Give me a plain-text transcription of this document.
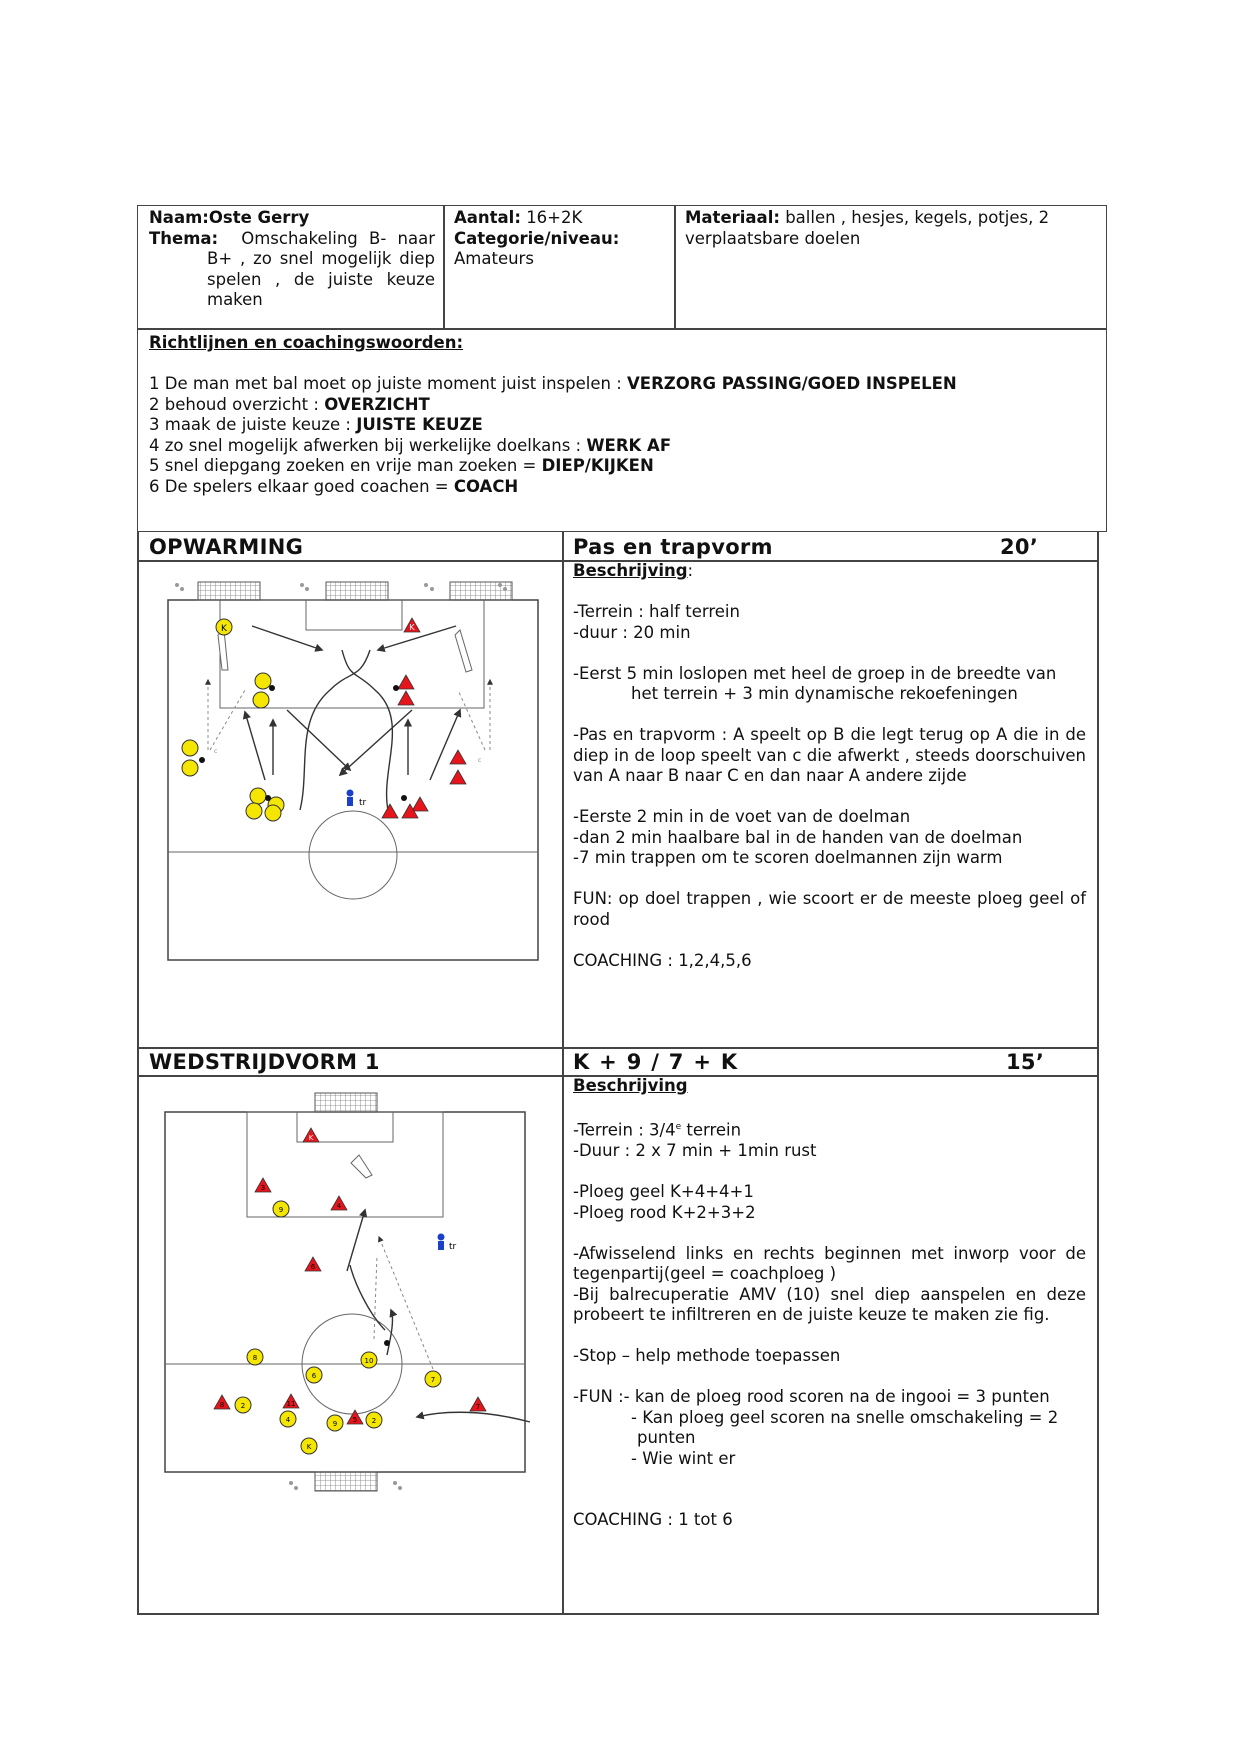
Naam:Oste Gerry

Thema: Omschakeling B- naar
B+ , zo snel mogelijk diep spelen , de juiste keuze maken
Aantal: 16+2K
Categorie/niveau:
Amateurs
Materiaal: ballen , hesjes, kegels, potjes, 2 verplaatsbare doelen
Richtlijnen en coachingswoorden:
1 De man met bal moet op juiste moment juist inspelen : VERZORG PASSING/GOED INSPELEN
2 behoud overzicht : OVERZICHT
3 maak de juiste keuze : JUISTE KEUZE
4 zo snel mogelijk afwerken bij werkelijke doelkans : WERK AF
5 snel diepgang zoeken en vrije man zoeken = DIEP/KIJKEN
6 De spelers elkaar goed coachen = COACH
OPWARMING	Pas en trapvorm	20’

Beschrijving:

-Terrein : half terrein

-duur : 20 min

-Eerst 5 min loslopen met heel de groep in de breedte van

het terrein + 3 min dynamische rekoefeningen

-Pas en trapvorm : A speelt op B die legt terug op A die in de diep in de loop speelt van c die afwerkt , steeds doorschuiven van A naar B naar C en dan naar A andere zijde

-Eerste 2 min in de voet van de doelman
-dan 2 min haalbare bal in de handen van de doelman

-7 min trappen om te scoren doelmannen zijn warm

FUN: op doel trappen , wie scoort er de meeste ploeg geel of rood

COACHING : 1,2,4,5,6

K	K
tr
c
c
WEDSTRIJDVORM 1	K + 9 / 7 + K	15’

Beschrijving

-Terrein : 3/4e terrein

-Duur : 2 x 7 min + 1min rust

-Ploeg geel K+4+4+1

-Ploeg rood K+2+3+2

-Afwisselend links en rechts beginnen met inworp voor de tegenpartij(geel = coachploeg )

-Bij balrecuperatie AMV (10) snel diep aanspelen en deze probeert te infiltreren en de juiste keuze te maken zie fig.

-Stop – help methode toepassen

-FUN :- kan de ploeg rood scoren na de ingooi = 3 punten
- Kan ploeg geel scoren na snelle omschakeling = 2
punten

- Wie wint er

COACHING : 1 tot 6

K
3
4
9
6
8
6
10
7
7
2	11
4	5
9	2
8
K
tr
